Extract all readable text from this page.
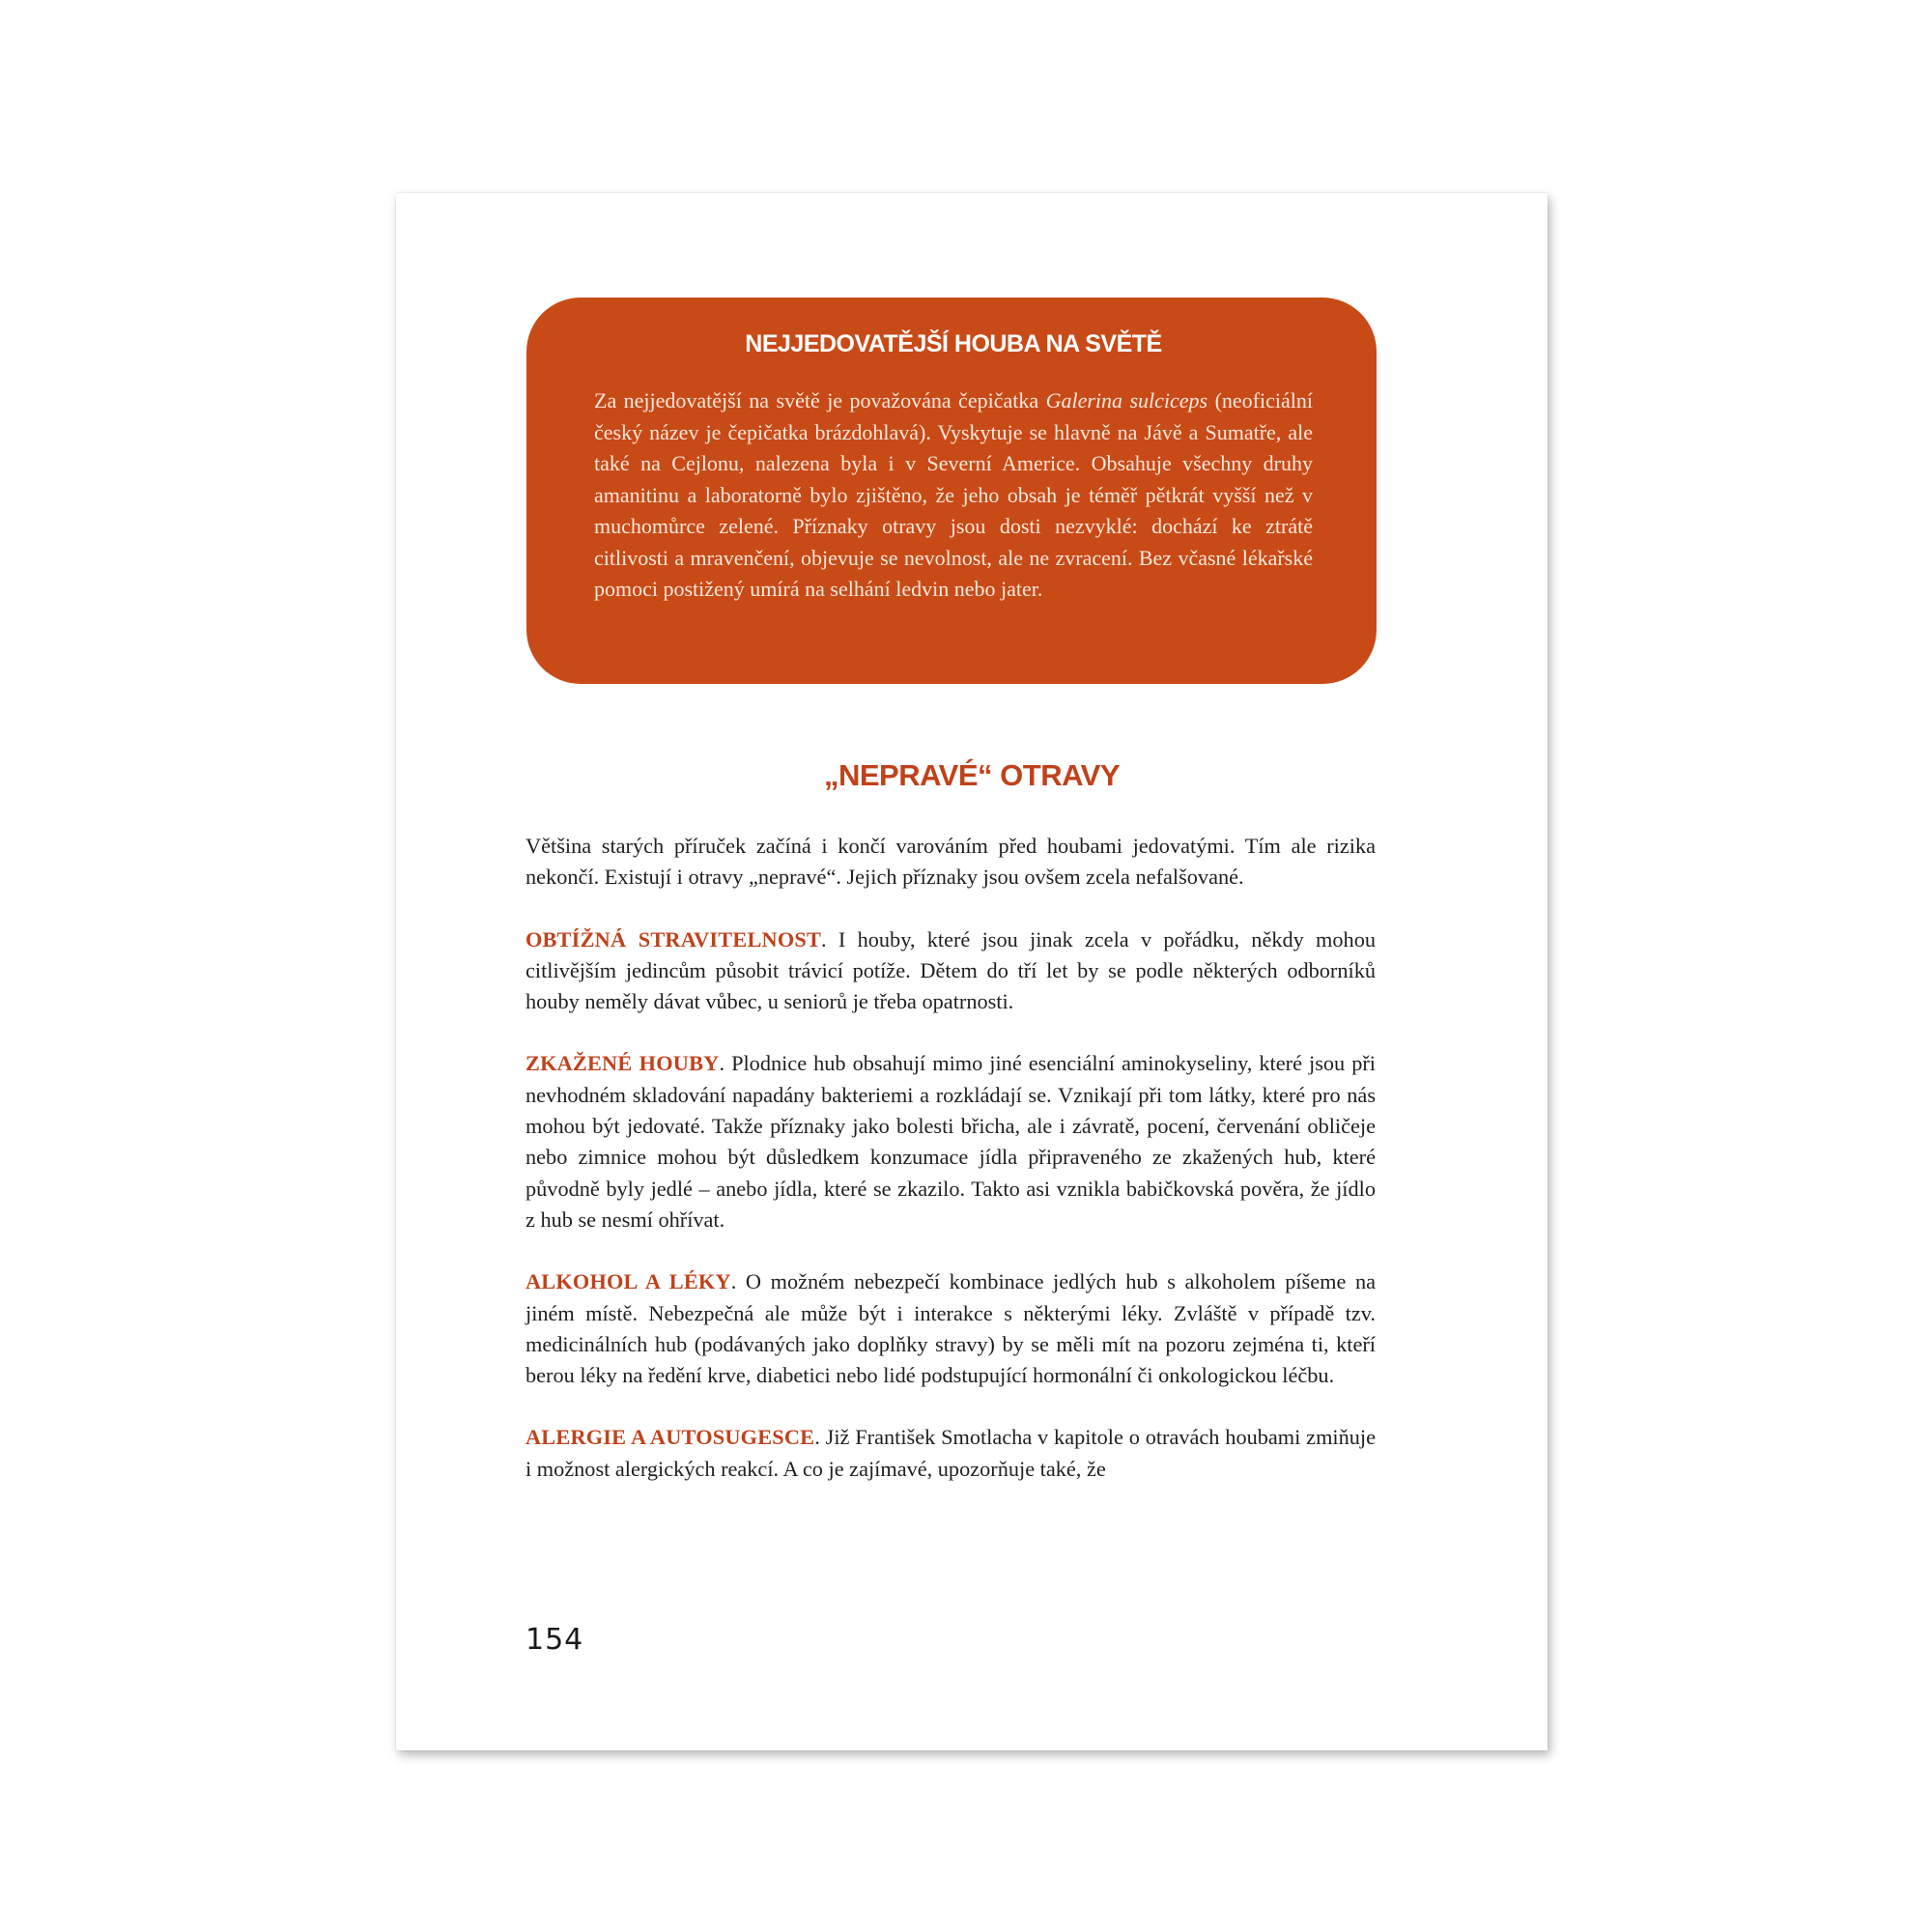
NEJJEDOVATĚJŠÍ HOUBA NA SVĚTĚ

Za nejjedovatější na světě je považována čepičatka Galerina sulciceps (neoficiální český název je čepičatka brázdohlavá). Vyskytuje se hlavně na Jávě a Sumatře, ale také na Cejlonu, nalezena byla i v Severní Americe. Obsahuje všechny druhy amanitinu a laboratorně bylo zjištěno, že jeho obsah je téměř pětkrát vyšší než v muchomůrce zelené. Příznaky otravy jsou dosti nezvyklé: dochází ke ztrátě citlivosti a mravenčení, objevuje se nevolnost, ale ne zvracení. Bez včasné lékařské pomoci postižený umírá na selhání ledvin nebo jater.

„NEPRAVÉ“ OTRAVY

Většina starých příruček začíná i končí varováním před houbami jedovatými. Tím ale rizika nekončí. Existují i otravy „nepravé“. Jejich příznaky jsou ovšem zcela nefalšované.

OBTÍŽNÁ STRAVITELNOST. I houby, které jsou jinak zcela v pořádku, někdy mohou citlivějším jedincům působit trávicí potíže. Dětem do tří let by se podle některých odborníků houby neměly dávat vůbec, u seniorů je třeba opatrnosti.

ZKAŽENÉ HOUBY. Plodnice hub obsahují mimo jiné esenciální aminokyseliny, které jsou při nevhodném skladování napadány bakteriemi a rozkládají se. Vznikají při tom látky, které pro nás mohou být jedovaté. Takže příznaky jako bolesti břicha, ale i závratě, pocení, červenání obličeje nebo zimnice mohou být důsledkem konzumace jídla připraveného ze zkažených hub, které původně byly jedlé – anebo jídla, které se zkazilo. Takto asi vznikla babičkovská pověra, že jídlo z hub se nesmí ohřívat.

ALKOHOL A LÉKY. O možném nebezpečí kombinace jedlých hub s alkoholem píšeme na jiném místě. Nebezpečná ale může být i interakce s některými léky. Zvláště v případě tzv. medicinálních hub (podávaných jako doplňky stravy) by se měli mít na pozoru zejména ti, kteří berou léky na ředění krve, diabetici nebo lidé podstupující hormonální či onkologickou léčbu.

ALERGIE A AUTOSUGESCE. Již František Smotlacha v kapitole o otravách houbami zmiňuje i možnost alergických reakcí. A co je zajímavé, upozorňuje také, že

154
